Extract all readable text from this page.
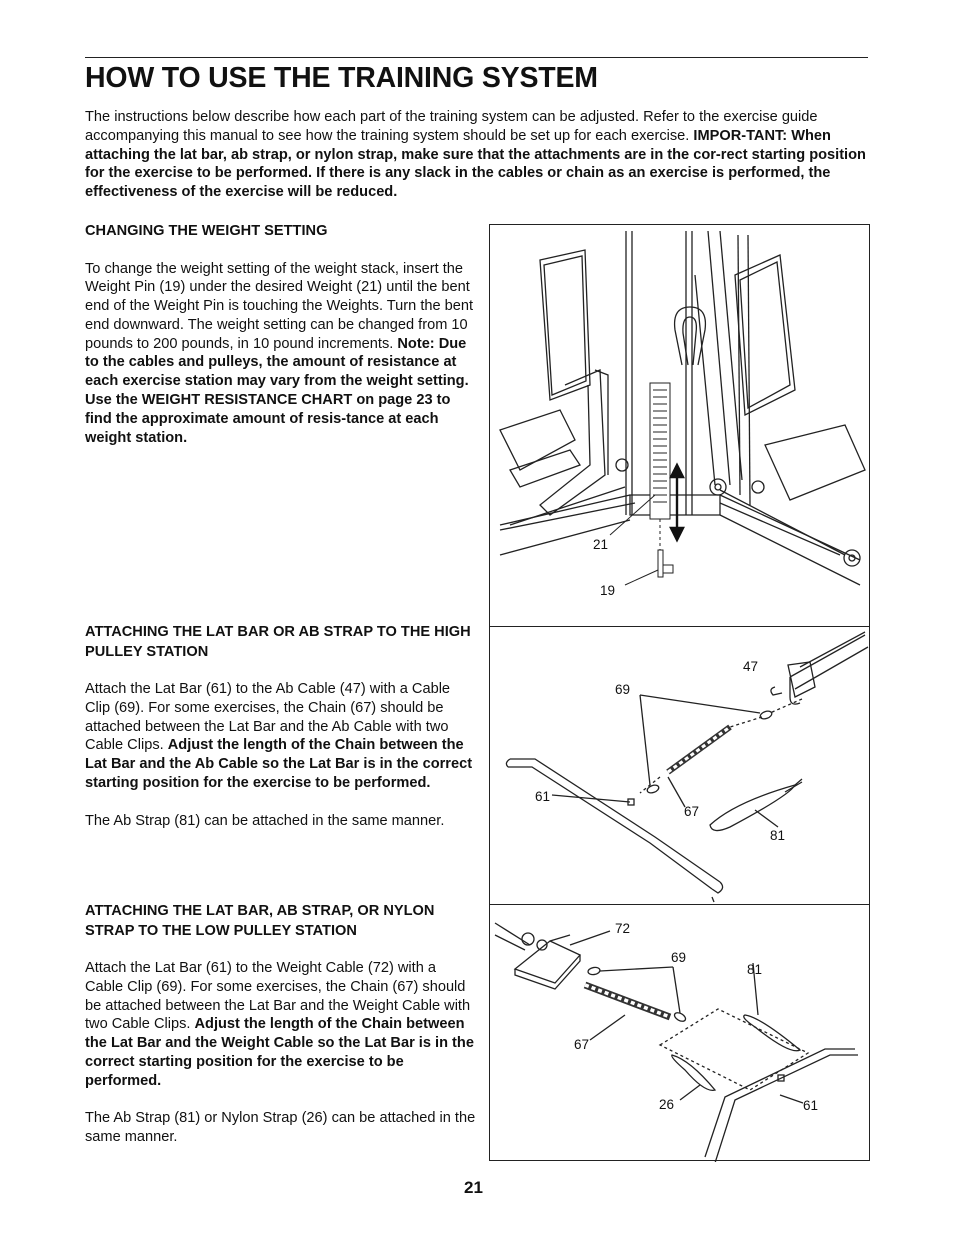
HOW TO USE THE TRAINING SYSTEM

The instructions below describe how each part of the training system can be adjusted. Refer to the exercise guide accompanying this manual to see how the training system should be set up for each exercise. IMPOR-TANT: When attaching the lat bar, ab strap, or nylon strap, make sure that the attachments are in the cor-rect starting position for the exercise to be performed. If there is any slack in the cables or chain as an exercise is performed, the effectiveness of the exercise will be reduced.

CHANGING THE WEIGHT SETTING

To change the weight setting of the weight stack, insert the Weight Pin (19) under the desired Weight (21) until the bent end of the Weight Pin is touching the Weights. Turn the bent end downward. The weight setting can be changed from 10 pounds to 200 pounds, in 10 pound increments. Note: Due to the cables and pulleys, the amount of resistance at each exercise station may vary from the weight setting. Use the WEIGHT RESISTANCE CHART on page 23 to find the approximate amount of resis-tance at each weight station.

ATTACHING THE LAT BAR OR AB STRAP TO THE HIGH PULLEY STATION

Attach the Lat Bar (61) to the Ab Cable (47) with a Cable Clip (69). For some exercises, the Chain (67) should be attached between the Lat Bar and the Ab Cable with two Cable Clips. Adjust the length of the Chain between the Lat Bar and the Ab Cable so the Lat Bar is in the correct starting position for the exercise to be performed.

The Ab Strap (81) can be attached in the same manner.

ATTACHING THE LAT BAR, AB STRAP, OR NYLON STRAP TO THE LOW PULLEY STATION

Attach the Lat Bar (61) to the Weight Cable (72) with a Cable Clip (69). For some exercises, the Chain (67) should be attached between the Lat Bar and the Weight Cable with two Cable Clips. Adjust the length of the Chain between the Lat Bar and the Weight Cable so the Lat Bar is in the correct starting position for the exercise to be performed.

The Ab Strap (81) or Nylon Strap (26) can be attached in the same manner.

21
19
47
69
61
67
81
72
69
81
67
26	61
21
